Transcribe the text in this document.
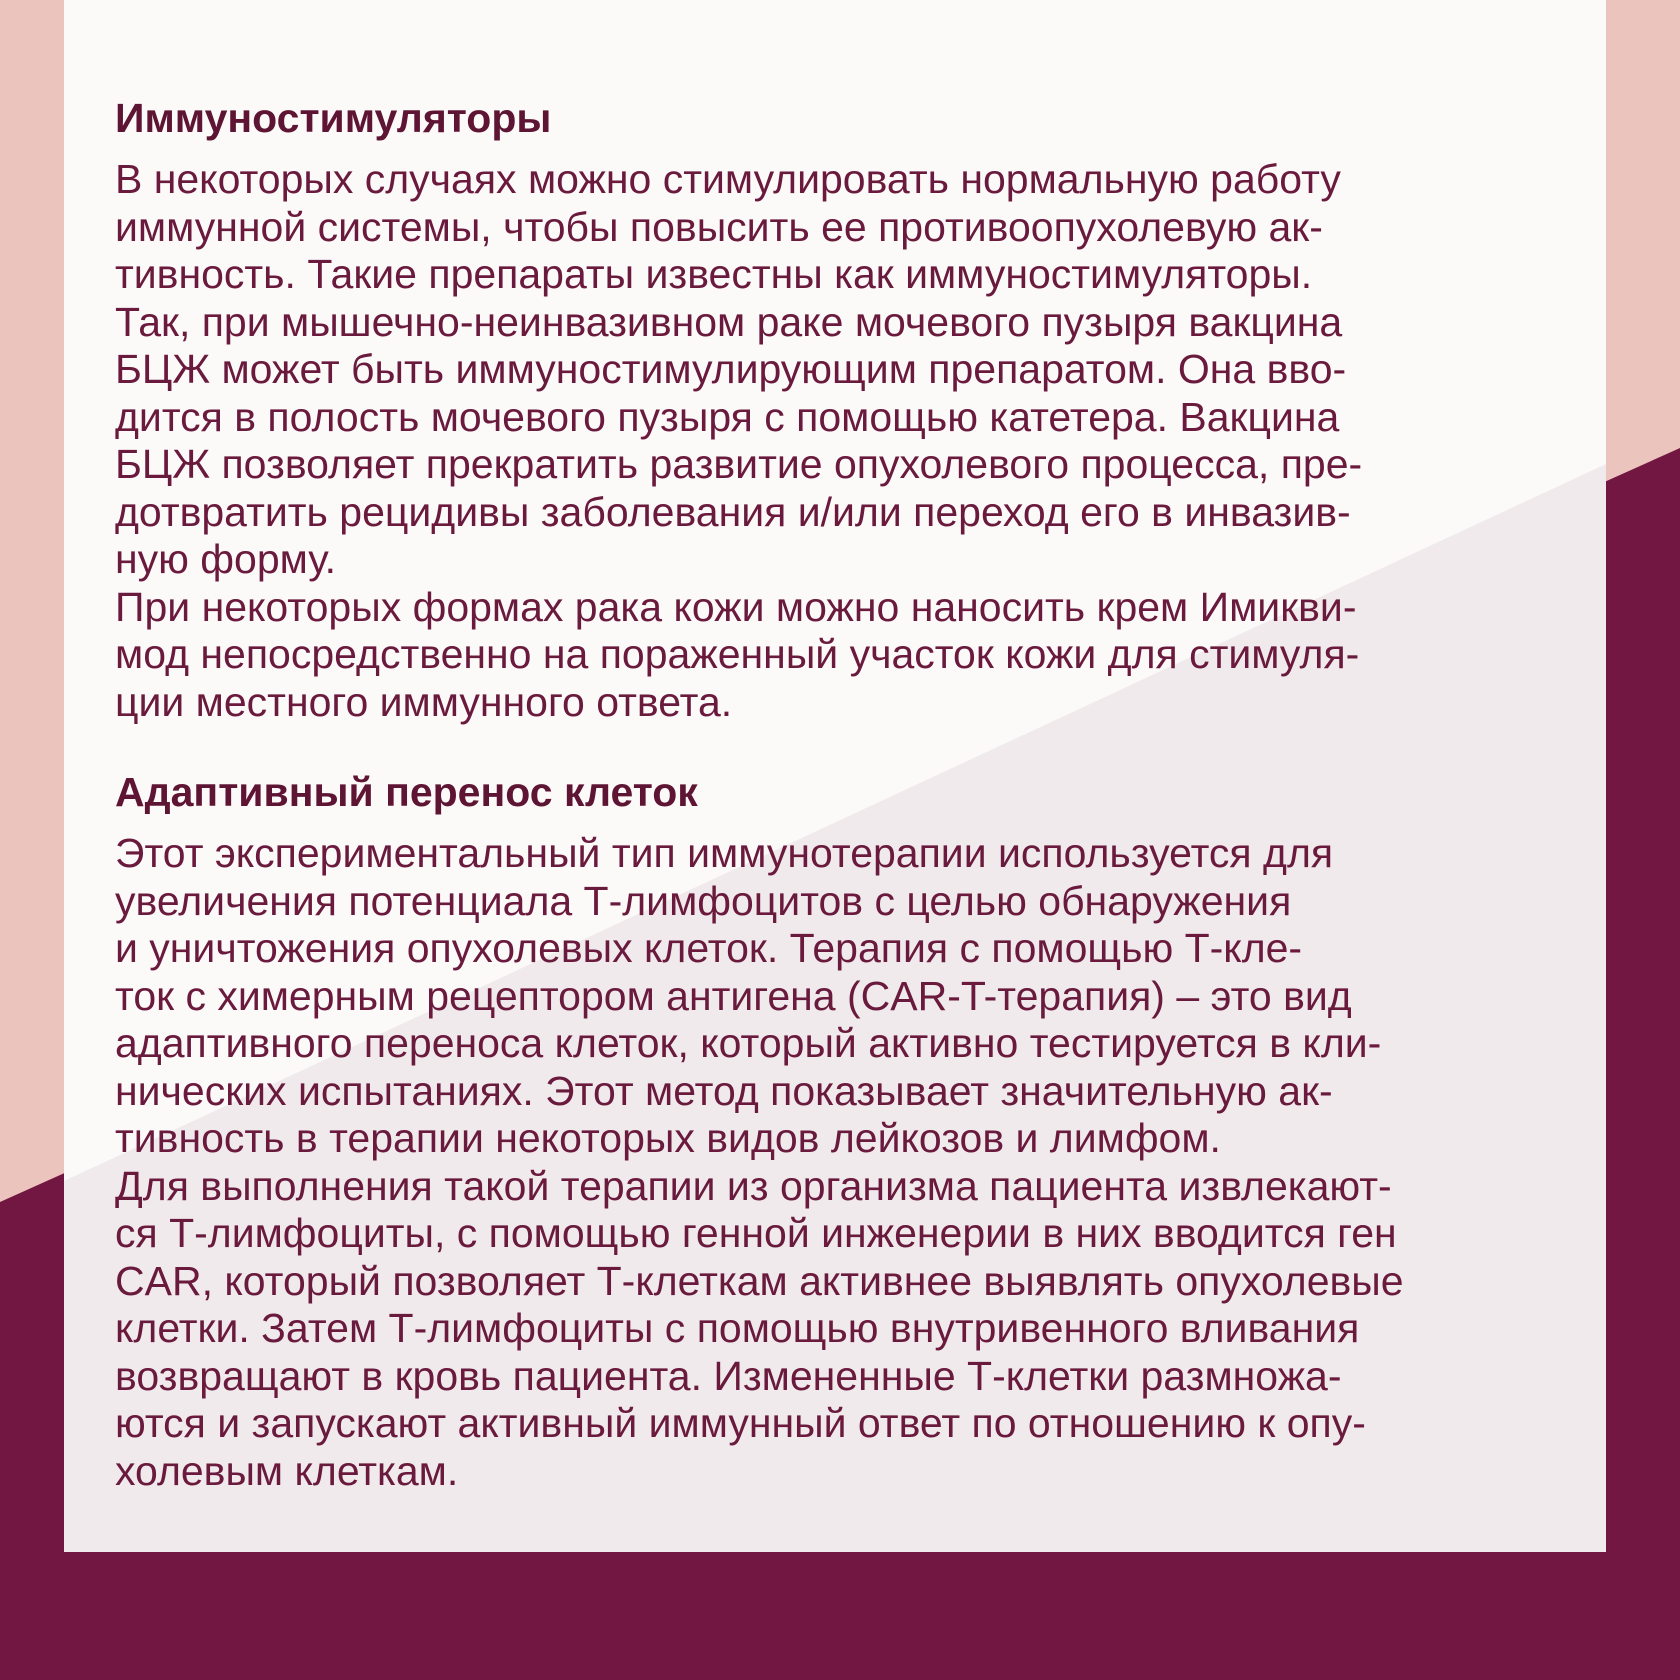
Иммуностимуляторы

В некоторых случаях можно стимулировать нормальную работу
иммунной системы, чтобы повысить ее противоопухолевую ак-
тивность. Такие препараты известны как иммуностимуляторы.

Так, при мышечно-неинвазивном раке мочевого пузыря вакцина
БЦЖ может быть иммуностимулирующим препаратом. Она вво-
дится в полость мочевого пузыря с помощью катетера. Вакцина
БЦЖ позволяет прекратить развитие опухолевого процесса, пре-
дотвратить рецидивы заболевания и/или переход его в инвазив-
ную форму.

При некоторых формах рака кожи можно наносить крем Имикви-
мод непосредственно на пораженный участок кожи для стимуля-
ции местного иммунного ответа.

Адаптивный перенос клеток

Этот экспериментальный тип иммунотерапии используется для
увеличения потенциала Т-лимфоцитов с целью обнаружения
и уничтожения опухолевых клеток. Терапия с помощью Т-кле-
ток с химерным рецептором антигена (CAR-T-терапия) – это вид
адаптивного переноса клеток, который активно тестируется в кли-
нических испытаниях. Этот метод показывает значительную ак-
тивность в терапии некоторых видов лейкозов и лимфом.

Для выполнения такой терапии из организма пациента извлекают-
ся Т-лимфоциты, с помощью генной инженерии в них вводится ген
CAR, который позволяет Т-клеткам активнее выявлять опухолевые
клетки. Затем Т-лимфоциты с помощью внутривенного вливания
возвращают в кровь пациента. Измененные Т-клетки размножа-
ются и запускают активный иммунный ответ по отношению к опу-
холевым клеткам.
